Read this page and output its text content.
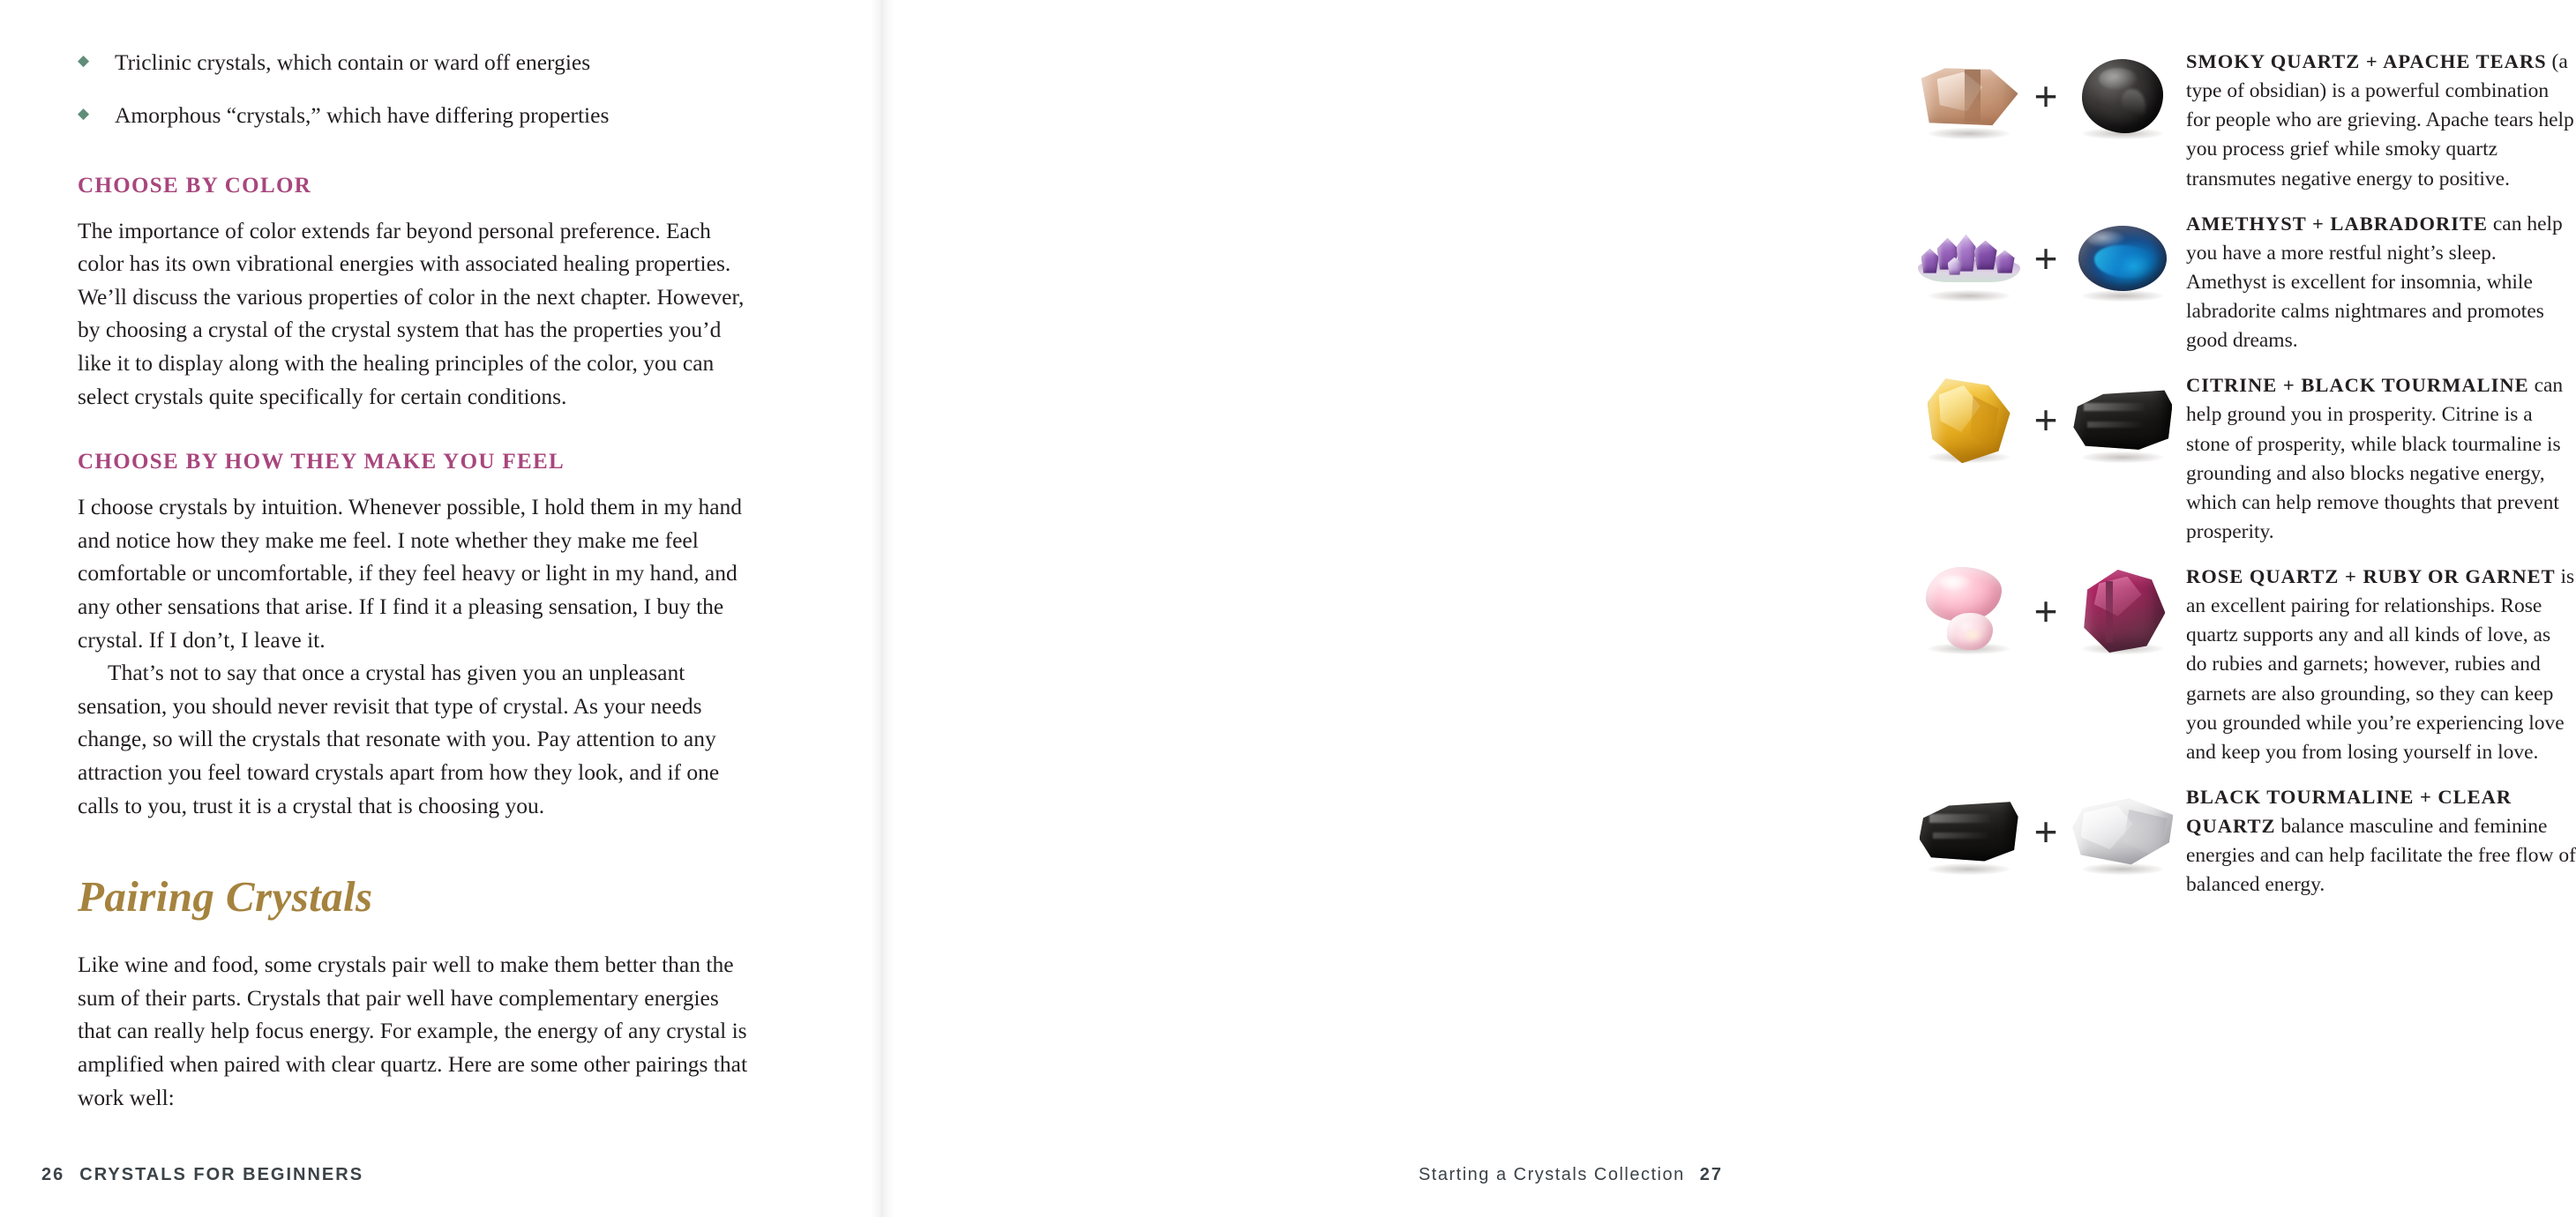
◆ Triclinic crystals, which contain or ward off energies
◆ Amorphous “crystals,” which have differing properties
CHOOSE BY COLOR

The importance of color extends far beyond personal preference. Each color has its own vibrational energies with associated healing properties. We’ll discuss the various properties of color in the next chapter. However, by choosing a crystal of the crystal system that has the properties you’d like it to display along with the healing principles of the color, you can select crystals quite specifically for certain conditions.

CHOOSE BY HOW THEY MAKE YOU FEEL

I choose crystals by intuition. Whenever possible, I hold them in my hand and notice how they make me feel. I note whether they make me feel comfortable or uncomfortable, if they feel heavy or light in my hand, and any other sensations that arise. If I find it a pleasing sensation, I buy the crystal. If I don’t, I leave it.

That’s not to say that once a crystal has given you an unpleasant sensation, you should never revisit that type of crystal. As your needs change, so will the crystals that resonate with you. Pay attention to any attraction you feel toward crystals apart from how they look, and if one calls to you, trust it is a crystal that is choosing you.

Pairing Crystals

Like wine and food, some crystals pair well to make them better than the sum of their parts. Crystals that pair well have complementary energies that can really help focus energy. For example, the energy of any crystal is amplified when paired with clear quartz. Here are some other pairings that work well:

+
SMOKY QUARTZ + APACHE TEARS (a type of obsidian) is a powerful combination for people who are grieving. Apache tears help you process grief while smoky quartz transmutes negative energy to positive.
+
AMETHYST + LABRADORITE can help you have a more restful night’s sleep. Amethyst is excellent for insomnia, while labradorite calms nightmares and promotes good dreams.
+
CITRINE + BLACK TOURMALINE can help ground you in prosperity. Citrine is a stone of prosperity, while black tourmaline is grounding and also blocks negative energy, which can help remove thoughts that prevent prosperity.
+
ROSE QUARTZ + RUBY OR GARNET is an excellent pairing for relationships. Rose quartz supports any and all kinds of love, as do rubies and garnets; however, rubies and garnets are also grounding, so they can keep you grounded while you’re experiencing love and keep you from losing yourself in love.
+
BLACK TOURMALINE + CLEAR QUARTZ balance masculine and feminine energies and can help facilitate the free flow of balanced energy.
26 CRYSTALS FOR BEGINNERS	Starting a Crystals Collection 27
